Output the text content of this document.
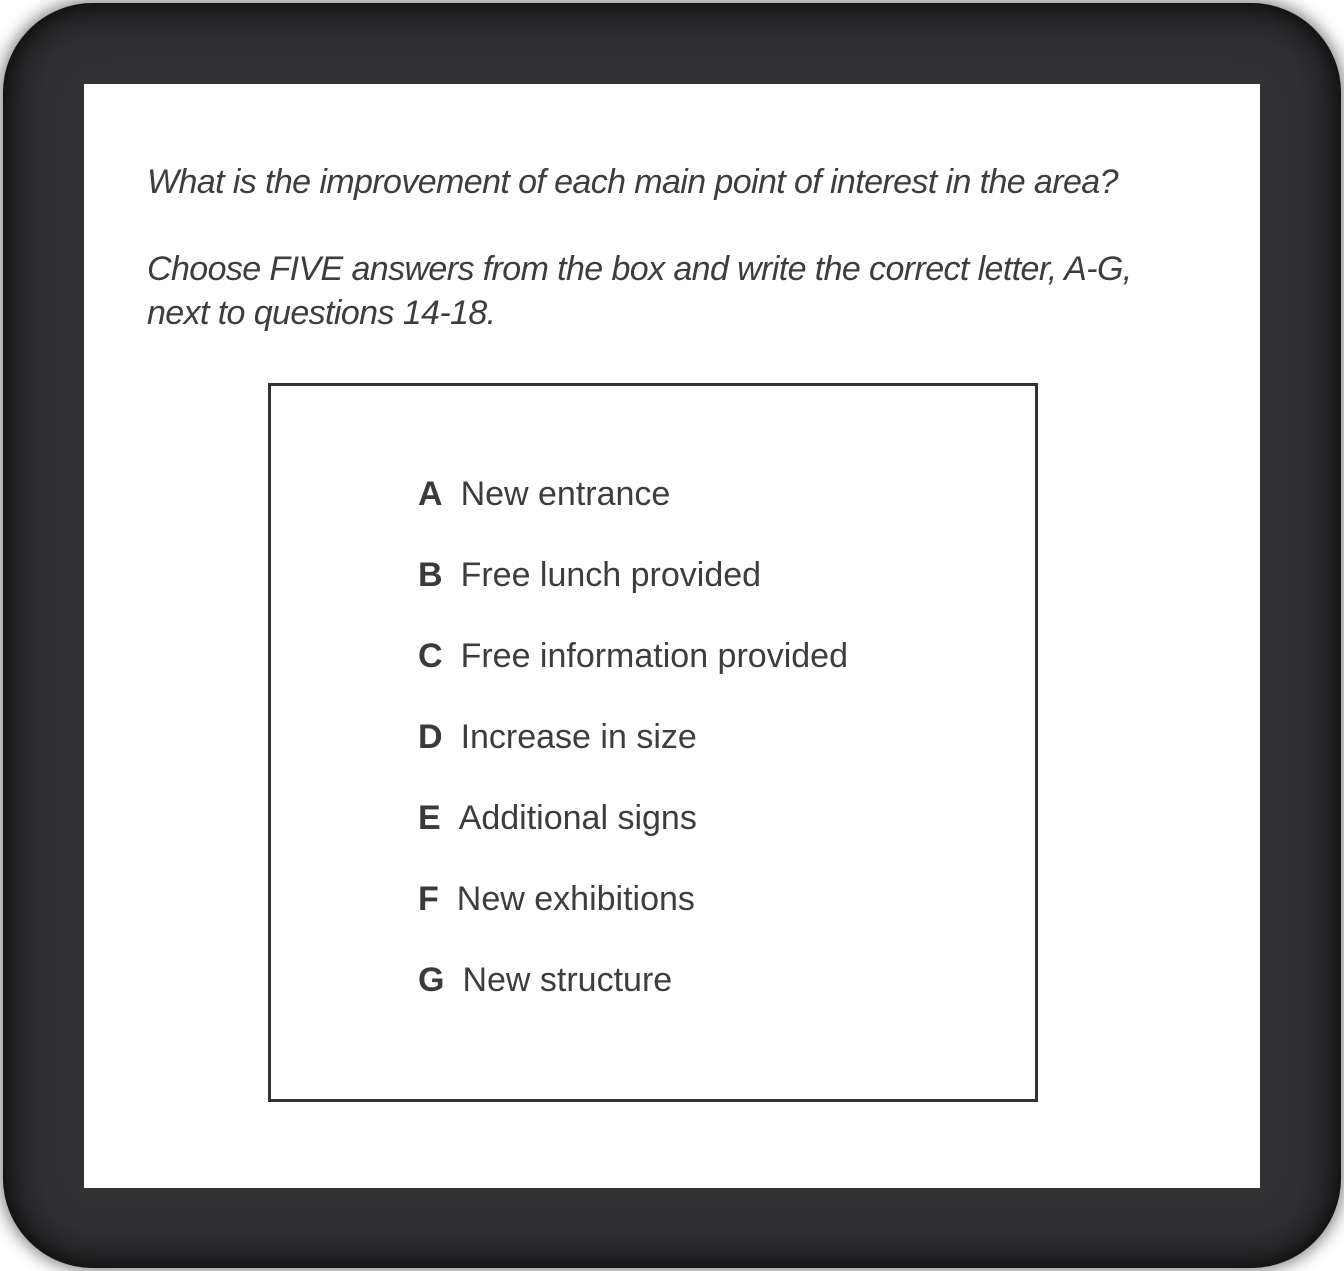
What is the improvement of each main point of interest in the area?
Choose FIVE answers from the box and write the correct letter, A-G,
next to questions 14-18.
A New entrance
B Free lunch provided
C Free information provided
D Increase in size
E Additional signs
F New exhibitions
G New structure
